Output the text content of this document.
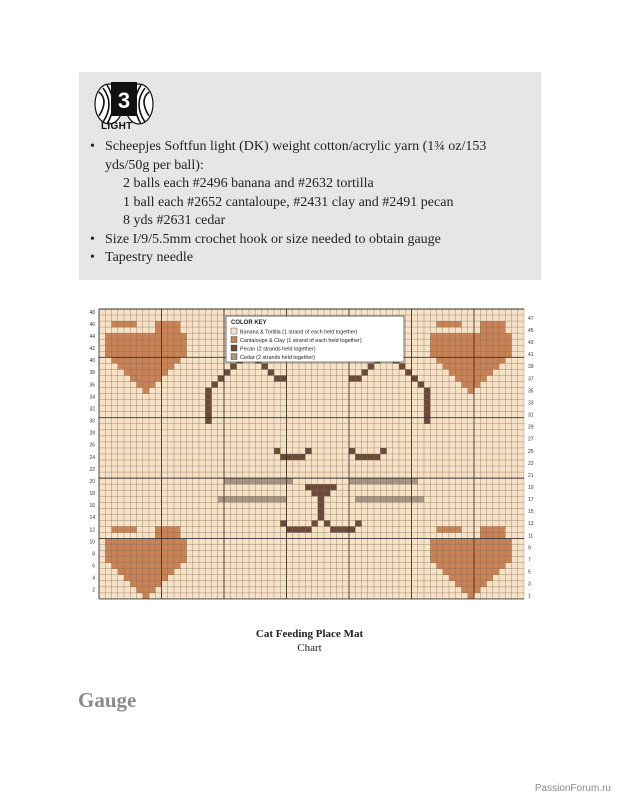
3
LIGHT
• Scheepjes Softfun light (DK) weight cotton/acrylic yarn (1¾ oz/153 yds/50g per ball):
2 balls each #2496 banana and #2632 tortilla
1 ball each #2652 cantaloupe, #2431 clay and #2491 pecan
8 yds #2631 cedar
• Size I/9/5.5mm crochet hook or size needed to obtain gauge
• Tapestry needle
48
46
44
42
40
38
36
34
32
30
28
26
24
22
20
18
16
14
12
10
8
6
4
2
47
45
43
41
39
37
35
33
31
29
27
25
23
21
19
17
15
13
11
9
7
5
3
1
COLOR KEY
Banana & Tortilla (1 strand of each held together)
Cantaloupe & Clay (1 strand of each held together)
Pecan (2 strands held together)
Cedar (2 strands held together)
Cat Feeding Place Mat
Chart
Gauge
PassionForum.ru
